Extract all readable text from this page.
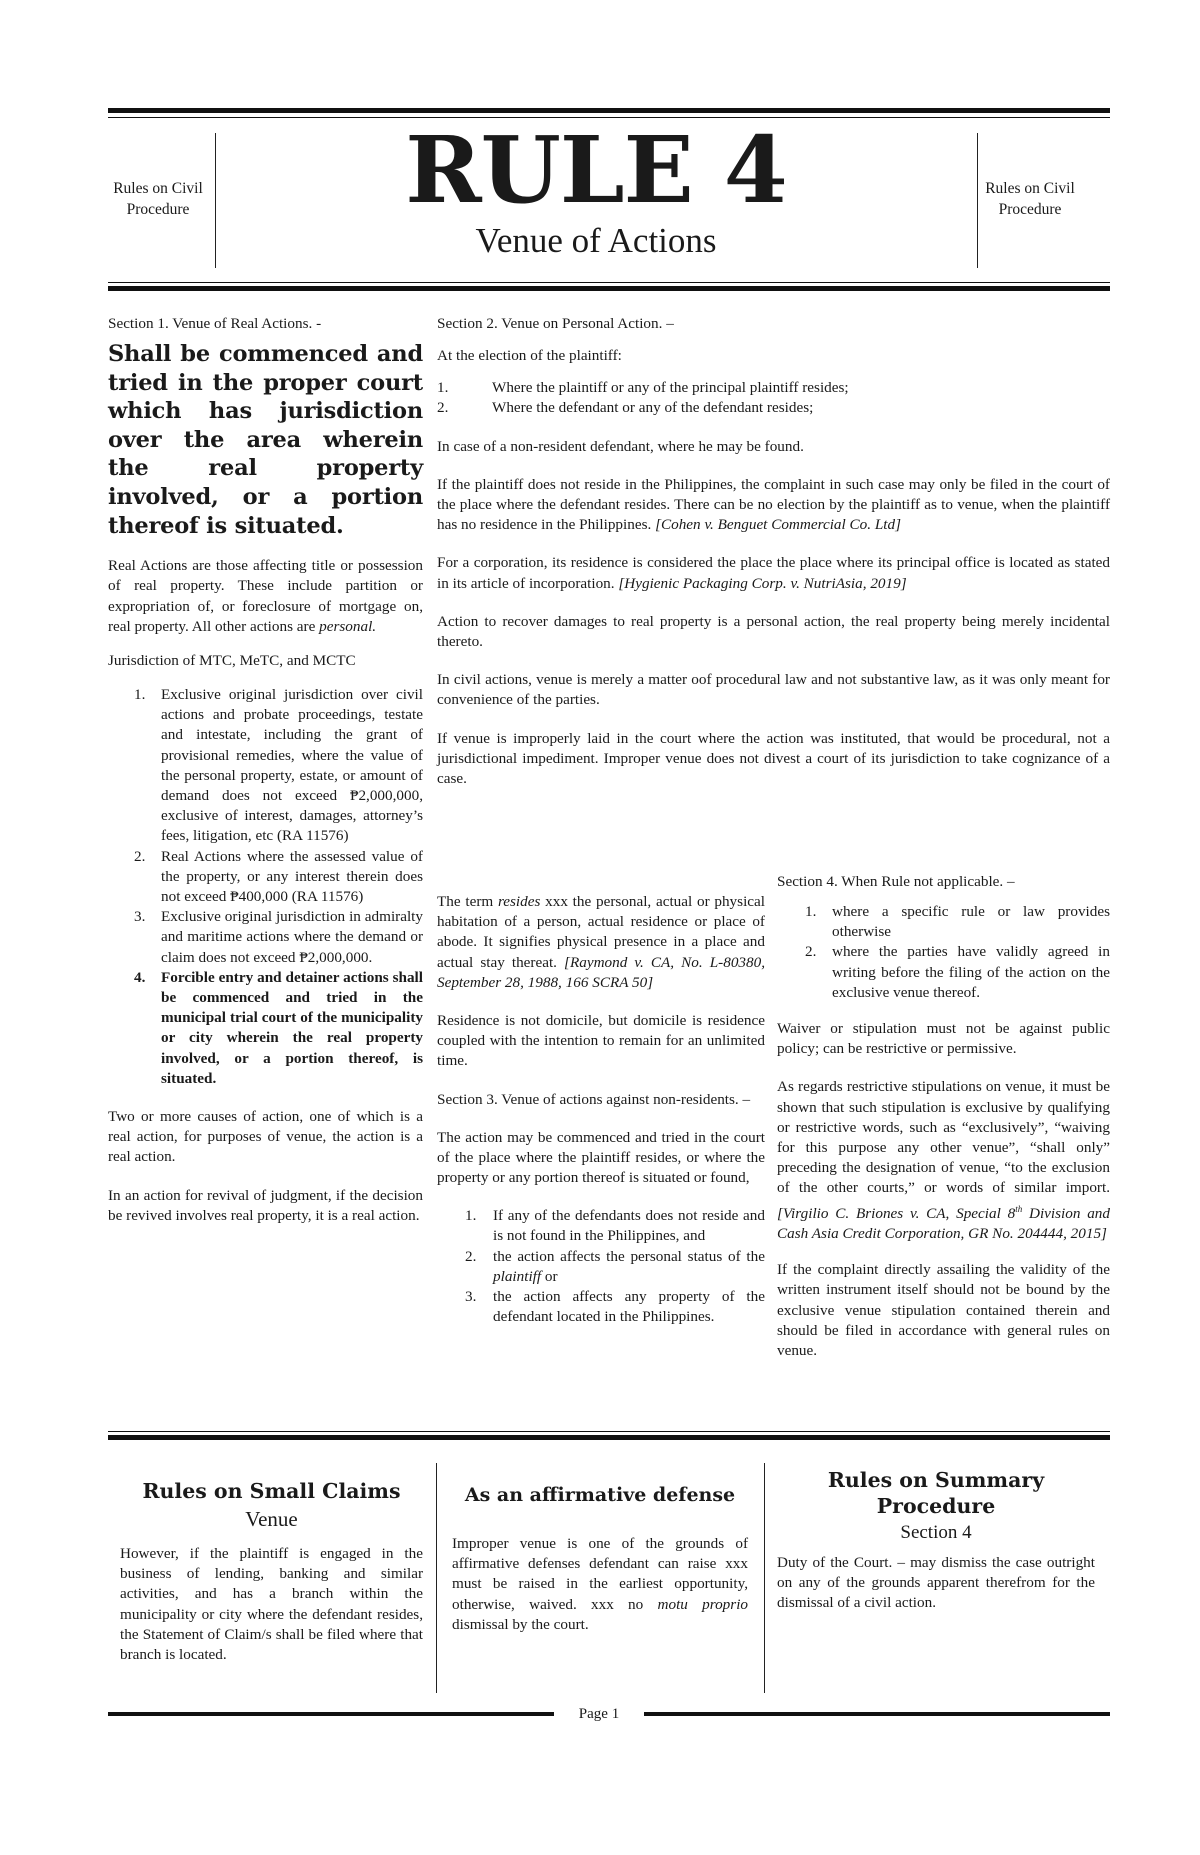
Rules on Civil Procedure	RULE 4
Venue of Actions
Rules on Civil Procedure

Section 1. Venue of Real Actions. -

Shall be commenced and tried in the proper court which has jurisdiction over the area wherein the real property involved, or a portion thereof is situated.

Real Actions are those affecting title or possession of real property. These include partition or expropriation of, or foreclosure of mortgage on, real property. All other actions are personal.

Jurisdiction of MTC, MeTC, and MCTC

1. Exclusive original jurisdiction over civil actions and probate proceedings, testate and intestate, including the grant of provisional remedies, where the value of the personal property, estate, or amount of demand does not exceed ₱2,000,000, exclusive of interest, damages, attorney’s fees, litigation, etc (RA 11576)
2. Real Actions where the assessed value of the property, or any interest therein does not exceed ₱400,000 (RA 11576)
3. Exclusive original jurisdiction in admiralty and maritime actions where the demand or claim does not exceed ₱2,000,000.
4. Forcible entry and detainer actions shall be commenced and tried in the municipal trial court of the municipality or city wherein the real property involved, or a portion thereof, is situated.

Two or more causes of action, one of which is a real action, for purposes of venue, the action is a real action.

In an action for revival of judgment, if the decision be revived involves real property, it is a real action.

Section 2. Venue on Personal Action. –

At the election of the plaintiff:

1.	Where the plaintiff or any of the principal plaintiff resides;
2.	Where the defendant or any of the defendant resides;

In case of a non-resident defendant, where he may be found.

If the plaintiff does not reside in the Philippines, the complaint in such case may only be filed in the court of the place where the defendant resides. There can be no election by the plaintiff as to venue, when the plaintiff has no residence in the Philippines. [Cohen v. Benguet Commercial Co. Ltd]

For a corporation, its residence is considered the place the place where its principal office is located as stated in its article of incorporation. [Hygienic Packaging Corp. v. NutriAsia, 2019]

Action to recover damages to real property is a personal action, the real property being merely incidental thereto.

In civil actions, venue is merely a matter oof procedural law and not substantive law, as it was only meant for convenience of the parties.

If venue is improperly laid in the court where the action was instituted, that would be procedural, not a jurisdictional impediment. Improper venue does not divest a court of its jurisdiction to take cognizance of a case.

The term resides xxx the personal, actual or physical habitation of a person, actual residence or place of abode. It signifies physical presence in a place and actual stay thereat. [Raymond v. CA, No. L-80380, September 28, 1988, 166 SCRA 50]

Residence is not domicile, but domicile is residence coupled with the intention to remain for an unlimited time.

Section 3. Venue of actions against non-residents. –

The action may be commenced and tried in the court of the place where the plaintiff resides, or where the property or any portion thereof is situated or found,

1. If any of the defendants does not reside and is not found in the Philippines, and
2. the action affects the personal status of the plaintiff or
3. the action affects any property of the defendant located in the Philippines.

Section 4. When Rule not applicable. –

1. where a specific rule or law provides otherwise
2. where the parties have validly agreed in writing before the filing of the action on the exclusive venue thereof.

Waiver or stipulation must not be against public policy; can be restrictive or permissive.

As regards restrictive stipulations on venue, it must be shown that such stipulation is exclusive by qualifying or restrictive words, such as “exclusively”, “waiving for this purpose any other venue”, “shall only” preceding the designation of venue, “to the exclusion of the other courts,” or words of similar import. [Virgilio C. Briones v. CA, Special 8th Division and Cash Asia Credit Corporation, GR No. 204444, 2015]

If the complaint directly assailing the validity of the written instrument itself should not be bound by the exclusive venue stipulation contained therein and should be filed in accordance with general rules on venue.

Rules on Small Claims

Venue

However, if the plaintiff is engaged in the business of lending, banking and similar activities, and has a branch within the municipality or city where the defendant resides, the Statement of Claim/s shall be filed where that branch is located.

As an affirmative defense

Improper venue is one of the grounds of affirmative defenses defendant can raise xxx must be raised in the earliest opportunity, otherwise, waived. xxx no motu proprio dismissal by the court.

Rules on Summary Procedure

Section 4

Duty of the Court. – may dismiss the case outright on any of the grounds apparent therefrom for the dismissal of a civil action.

Page 1
